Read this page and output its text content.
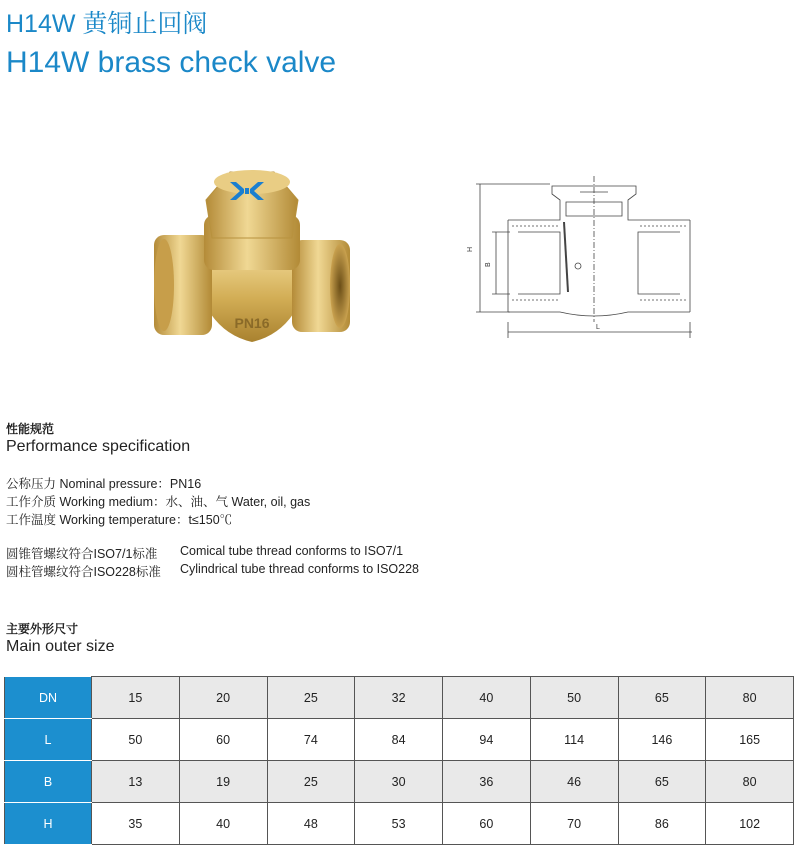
H14W 黄铜止回阀
H14W brass check valve
PN16
H
B
L
性能规范
Performance specification
公称压力 Nominal pressure：PN16
工作介质 Working medium：水、油、气 Water, oil, gas
工作温度 Working temperature：t≤150℃
圆锥管螺纹符合ISO7/1标准 Comical tube thread conforms to ISO7/1
圆柱管螺纹符合ISO228标准 Cylindrical tube thread conforms to ISO228
主要外形尺寸
Main outer size
DN	15	20	25	32	40	50	65	80
L	50	60	74	84	94	114	146	165
B	13	19	25	30	36	46	65	80
H	35	40	48	53	60	70	86	102
